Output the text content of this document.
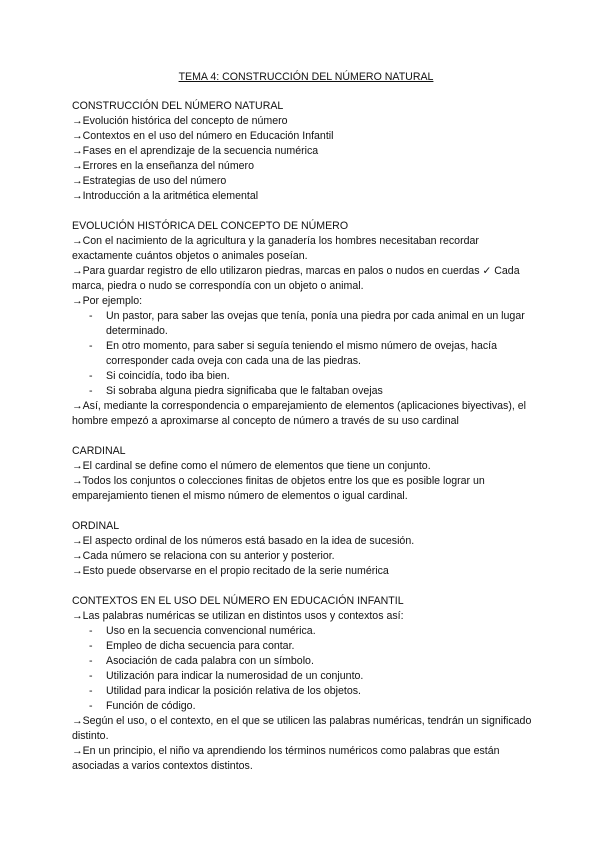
TEMA 4: CONSTRUCCIÓN DEL NÚMERO NATURAL
CONSTRUCCIÓN DEL NÚMERO NATURAL

→Evolución histórica del concepto de número

→Contextos en el uso del número en Educación Infantil

→Fases en el aprendizaje de la secuencia numérica

→Errores en la enseñanza del número

→Estrategias de uso del número

→Introducción a la aritmética elemental

EVOLUCIÓN HISTÓRICA DEL CONCEPTO DE NÚMERO

→Con el nacimiento de la agricultura y la ganadería los hombres necesitaban recordar exactamente cuántos objetos o animales poseían.

→Para guardar registro de ello utilizaron piedras, marcas en palos o nudos en cuerdas ✓ Cada marca, piedra o nudo se correspondía con un objeto o animal.

→Por ejemplo:

- Un pastor, para saber las ovejas que tenía, ponía una piedra por cada animal en un lugar determinado.
- En otro momento, para saber si seguía teniendo el mismo número de ovejas, hacía corresponder cada oveja con cada una de las piedras.
- Si coincidía, todo iba bien.
- Si sobraba alguna piedra significaba que le faltaban ovejas

→Así, mediante la correspondencia o emparejamiento de elementos (aplicaciones biyectivas), el hombre empezó a aproximarse al concepto de número a través de su uso cardinal

CARDINAL

→El cardinal se define como el número de elementos que tiene un conjunto.

→Todos los conjuntos o colecciones finitas de objetos entre los que es posible lograr un emparejamiento tienen el mismo número de elementos o igual cardinal.

ORDINAL

→El aspecto ordinal de los números está basado en la idea de sucesión.

→Cada número se relaciona con su anterior y posterior.

→Esto puede observarse en el propio recitado de la serie numérica

CONTEXTOS EN EL USO DEL NÚMERO EN EDUCACIÓN INFANTIL

→Las palabras numéricas se utilizan en distintos usos y contextos así:

- Uso en la secuencia convencional numérica.
- Empleo de dicha secuencia para contar.
- Asociación de cada palabra con un símbolo.
- Utilización para indicar la numerosidad de un conjunto.
- Utilidad para indicar la posición relativa de los objetos.
- Función de código.

→Según el uso, o el contexto, en el que se utilicen las palabras numéricas, tendrán un significado distinto.

→En un principio, el niño va aprendiendo los términos numéricos como palabras que están asociadas a varios contextos distintos.
